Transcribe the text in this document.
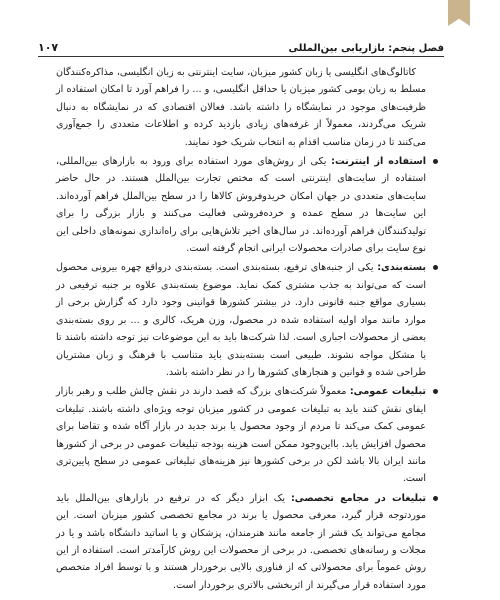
فصل پنجم: بازاریابی بین‌المللی
۱۰۷

کاتالوگ‌های انگلیسی یا زبان کشور میزبان، سایت اینترنتی به زبان انگلیسی، مذاکره‌کنندگان مسلط به زبان بومی کشور میزبان یا حداقل انگلیسی، و ... را فراهم آورد تا امکان استفاده از ظرفیت‌های موجود در نمایشگاه را داشته باشد. فعالان اقتصادی که در نمایشگاه به دنبال شریک می‌گردند، معمولاً از غرفه‌های زیادی بازدید کرده و اطلاعات متعددی را جمع‌آوری می‌کنند تا در زمان مناسب اقدام به انتخاب شریک خود نمایند.

استفاده از اینترنت: یکی از روش‌های مورد استفاده برای ورود به بازارهای بین‌المللی، استفاده از سایت‌های اینترنتی است که مختص تجارت بین‌الملل هستند. در حال حاضر سایت‌های متعددی در جهان امکان خریدوفروش کالاها را در سطح بین‌الملل فراهم آورده‌اند. این سایت‌ها در سطح عمده و خرده‌فروشی فعالیت می‌کنند و بازار بزرگی را برای تولیدکنندگان فراهم آورده‌اند. در سال‌های اخیر تلاش‌هایی برای راه‌اندازی نمونه‌های داخلی این نوع سایت برای صادرات محصولات ایرانی انجام گرفته است.
بسته‌بندی: یکی از جنبه‌های ترفیع، بسته‌بندی است. بسته‌بندی درواقع چهره بیرونی محصول است که می‌تواند به جذب مشتری کمک نماید. موضوع بسته‌بندی علاوه بر جنبه ترفیعی در بسیاری مواقع جنبه قانونی دارد. در بیشتر کشورها قوانینی وجود دارد که گزارش برخی از موارد مانند مواد اولیه استفاده شده در محصول، وزن هریک، کالری و ... بر روی بسته‌بندی بعضی از محصولات اجباری است. لذا شرکت‌ها باید به این موضوعات نیز توجه داشته باشند تا با مشکل مواجه نشوند. طبیعی است بسته‌بندی باید متناسب با فرهنگ و زبان مشتریان طراحی شده و قوانین و هنجارهای کشورها را در نظر داشته باشد.
تبلیغات عمومی: معمولاً شرکت‌های بزرگ که قصد دارند در نقش چالش طلب و رهبر بازار ایفای نقش کنند باید به تبلیغات عمومی در کشور میزبان توجه ویژه‌ای داشته باشند. تبلیغات عمومی کمک می‌کند تا مردم از وجود محصول یا برند جدید در بازار آگاه شده و تقاضا برای محصول افزایش یابد. بااین‌وجود ممکن است هزینه بودجه تبلیغات عمومی در برخی از کشورها مانند ایران بالا باشد لکن در برخی کشورها نیز هزینه‌های تبلیغاتی عمومی در سطح پایین‌تری است.
تبلیغات در مجامع تخصصی: یک ابزار دیگر که در ترفیع در بازارهای بین‌الملل باید موردتوجه قرار گیرد، معرفی محصول یا برند در مجامع تخصصی کشور میزبان است. این مجامع می‌تواند یک قشر از جامعه مانند هنرمندان، پزشکان و یا اساتید دانشگاه باشد و یا در مجلات و رسانه‌های تخصصی. در برخی از محصولات این روش کارآمدتر است. استفاده از این روش عموماً برای محصولاتی که از فناوری بالایی برخوردار هستند و با توسط افراد متخصص مورد استفاده قرار می‌گیرند از اثربخشی بالاتری برخوردار است.
